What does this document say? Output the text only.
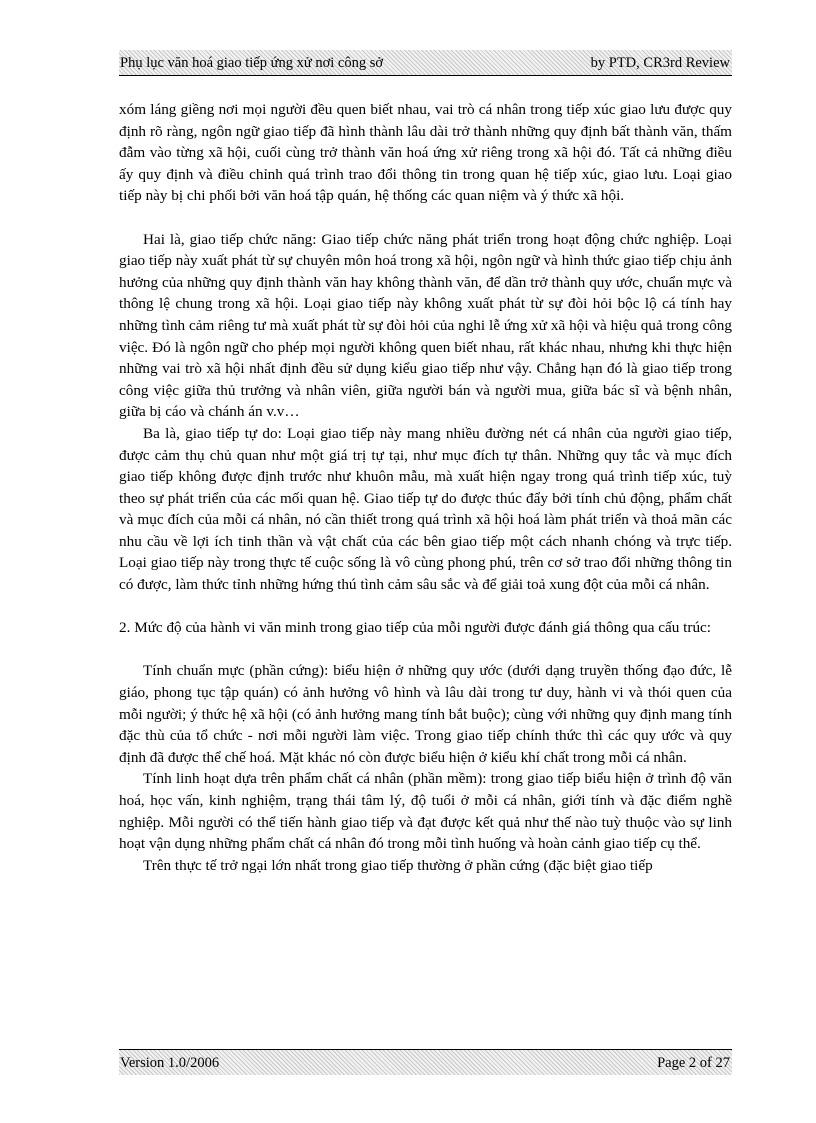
Phụ lục văn hoá giao tiếp ứng xử nơi công sở	by PTD, CR3rd Review

xóm láng giềng nơi mọi người đều quen biết nhau, vai trò cá nhân trong tiếp xúc giao lưu được quy định rõ ràng, ngôn ngữ giao tiếp đã hình thành lâu dài trở thành những quy định bất thành văn, thấm đẫm vào từng xã hội, cuối cùng trở thành văn hoá ứng xử riêng trong xã hội đó. Tất cả những điều ấy quy định và điều chỉnh quá trình trao đổi thông tin trong quan hệ tiếp xúc, giao lưu. Loại giao tiếp này bị chi phối bởi văn hoá tập quán, hệ thống các quan niệm và ý thức xã hội.

Hai là, giao tiếp chức năng: Giao tiếp chức năng phát triển trong hoạt động chức nghiệp. Loại giao tiếp này xuất phát từ sự chuyên môn hoá trong xã hội, ngôn ngữ và hình thức giao tiếp chịu ảnh hưởng của những quy định thành văn hay không thành văn, để dần trở thành quy ước, chuẩn mực và thông lệ chung trong xã hội. Loại giao tiếp này không xuất phát từ sự đòi hỏi bộc lộ cá tính hay những tình cảm riêng tư mà xuất phát từ sự đòi hỏi của nghi lễ ứng xử xã hội và hiệu quả trong công việc. Đó là ngôn ngữ cho phép mọi người không quen biết nhau, rất khác nhau, nhưng khi thực hiện những vai trò xã hội nhất định đều sử dụng kiểu giao tiếp như vậy. Chẳng hạn đó là giao tiếp trong công việc giữa thủ trưởng và nhân viên, giữa người bán và người mua, giữa bác sĩ và bệnh nhân, giữa bị cáo và chánh án v.v…

Ba là, giao tiếp tự do: Loại giao tiếp này mang nhiều đường nét cá nhân của người giao tiếp, được cảm thụ chủ quan như một giá trị tự tại, như mục đích tự thân. Những quy tắc và mục đích giao tiếp không được định trước như khuôn mẫu, mà xuất hiện ngay trong quá trình tiếp xúc, tuỳ theo sự phát triển của các mối quan hệ. Giao tiếp tự do được thúc đẩy bởi tính chủ động, phẩm chất và mục đích của mỗi cá nhân, nó cần thiết trong quá trình xã hội hoá làm phát triển và thoả mãn các nhu cầu về lợi ích tinh thần và vật chất của các bên giao tiếp một cách nhanh chóng và trực tiếp. Loại giao tiếp này trong thực tế cuộc sống là vô cùng phong phú, trên cơ sở trao đổi những thông tin có được, làm thức tỉnh những hứng thú tình cảm sâu sắc và để giải toả xung đột của mỗi cá nhân.

2. Mức độ của hành vi văn minh trong giao tiếp của mỗi người được đánh giá thông qua cấu trúc:

Tính chuẩn mực (phần cứng): biểu hiện ở những quy ước (dưới dạng truyền thống đạo đức, lễ giáo, phong tục tập quán) có ảnh hưởng vô hình và lâu dài trong tư duy, hành vi và thói quen của mỗi người; ý thức hệ xã hội (có ảnh hưởng mang tính bắt buộc); cùng với những quy định mang tính đặc thù của tổ chức - nơi mỗi người làm việc. Trong giao tiếp chính thức thì các quy ước và quy định đã được thể chế hoá. Mặt khác nó còn được biểu hiện ở kiểu khí chất trong mỗi cá nhân.

Tính linh hoạt dựa trên phẩm chất cá nhân (phần mềm): trong giao tiếp biểu hiện ở trình độ văn hoá, học vấn, kinh nghiệm, trạng thái tâm lý, độ tuổi ở mỗi cá nhân, giới tính và đặc điểm nghề nghiệp. Mỗi người có thể tiến hành giao tiếp và đạt được kết quả như thế nào tuỳ thuộc vào sự linh hoạt vận dụng những phẩm chất cá nhân đó trong mỗi tình huống và hoàn cảnh giao tiếp cụ thể.

Trên thực tế trở ngại lớn nhất trong giao tiếp thường ở phần cứng (đặc biệt giao tiếp

Version 1.0/2006	Page 2 of 27
